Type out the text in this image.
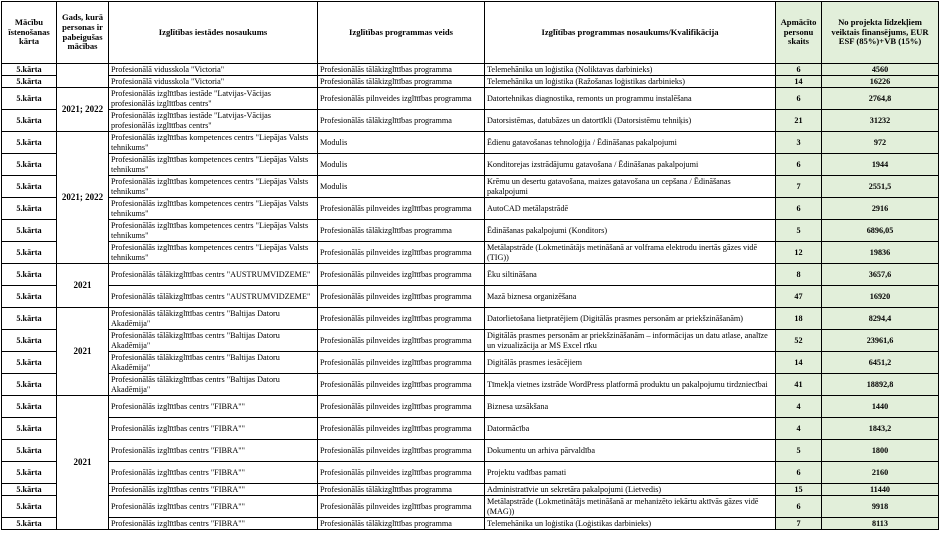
Mācību īstenošanas kārta	Gads, kurā personas ir pabeigušas mācības	Izglītības iestādes nosaukums	Izglītības programmas veids	Izglītības programmas nosaukums/Kvalifikācija	Apmācīto personu skaits	No projekta līdzekļiem veiktais finansējums, EUR ESF (85%)+VB (15%)
5.kārta		Profesionālā vidusskola "Victoria"	Profesionālās tālākizglītības programma	Telemehānika un loģistika (Noliktavas darbinieks)	6	4560
5.kārta		Profesionālā vidusskola "Victoria"	Profesionālās tālākizglītības programma	Telemehānika un loģistika (Ražošanas loģistikas darbinieks)	14	16226
5.kārta	2021; 2022	Profesionālās izglītības iestāde "Latvijas-Vācijas profesionālās izglītības centrs"	Profesionālās pilnveides izglītības programma	Datortehnikas diagnostika, remonts un programmu instalēšana	6	2764,8
5.kārta		Profesionālās izglītības iestāde "Latvijas-Vācijas profesionālās izglītības centrs"	Profesionālās tālākizglītības programma	Datorsistēmas, datubāzes un datortīkli (Datorsistēmu tehniķis)	21	31232
5.kārta	2021; 2022	Profesionālās izglītības kompetences centrs "Liepājas Valsts tehnikums"	Modulis	Ēdienu gatavošanas tehnoloģija / Ēdināšanas pakalpojumi	3	972
5.kārta		Profesionālās izglītības kompetences centrs "Liepājas Valsts tehnikums"	Modulis	Konditorejas izstrādājumu gatavošana / Ēdināšanas pakalpojumi	6	1944
5.kārta		Profesionālās izglītības kompetences centrs "Liepājas Valsts tehnikums"	Modulis	Krēmu un desertu gatavošana, maizes gatavošana un cepšana / Ēdināšanas pakalpojumi	7	2551,5
5.kārta		Profesionālās izglītības kompetences centrs "Liepājas Valsts tehnikums"	Profesionālās pilnveides izglītības programma	AutoCAD metālapstrādē	6	2916
5.kārta		Profesionālās izglītības kompetences centrs "Liepājas Valsts tehnikums"	Profesionālās tālākizglītības programma	Ēdināšanas pakalpojumi (Konditors)	5	6896,05
5.kārta		Profesionālās izglītības kompetences centrs "Liepājas Valsts tehnikums"	Profesionālās pilnveides izglītības programma	Metālapstrāde (Lokmetinātājs metināšanā ar volframa elektrodu inertās gāzes vidē (TIG))	12	19836
5.kārta	2021	Profesionālās tālākizglītības centrs "AUSTRUMVIDZEME"	Profesionālās pilnveides izglītības programma	Ēku siltināšana	8	3657,6
5.kārta		Profesionālās tālākizglītības centrs "AUSTRUMVIDZEME"	Profesionālās pilnveides izglītības programma	Mazā biznesa organizēšana	47	16920
5.kārta	2021	Profesionālās tālākizglītības centrs "Baltijas Datoru Akadēmija"	Profesionālās pilnveides izglītības programma	Datorlietošana lietpratējiem (Digitālās prasmes personām ar priekšzināšanām)	18	8294,4
5.kārta		Profesionālās tālākizglītības centrs "Baltijas Datoru Akadēmija"	Profesionālās pilnveides izglītības programma	Digitālās prasmes personām ar priekšzināšanām – informācijas un datu atlase, analīze un vizualizācija ar MS Excel rīku	52	23961,6
5.kārta		Profesionālās tālākizglītības centrs "Baltijas Datoru Akadēmija"	Profesionālās pilnveides izglītības programma	Digitālās prasmes iesācējiem	14	6451,2
5.kārta		Profesionālās tālākizglītības centrs "Baltijas Datoru Akadēmija"	Profesionālās pilnveides izglītības programma	Tīmekļa vietnes izstrāde WordPress platformā produktu un pakalpojumu tirdzniecībai	41	18892,8
5.kārta	2021	Profesionālās izglītības centrs "FIBRA""	Profesionālās pilnveides izglītības programma	Biznesa uzsākšana	4	1440
5.kārta		Profesionālās izglītības centrs "FIBRA""	Profesionālās pilnveides izglītības programma	Datormācība	4	1843,2
5.kārta		Profesionālās izglītības centrs "FIBRA""	Profesionālās pilnveides izglītības programma	Dokumentu un arhiva pārvaldība	5	1800
5.kārta		Profesionālās izglītības centrs "FIBRA""	Profesionālās pilnveides izglītības programma	Projektu vadības pamati	6	2160
5.kārta		Profesionālās izglītības centrs "FIBRA""	Profesionālās tālākizglītības programma	Administratīvie un sekretāra pakalpojumi (Lietvedis)	15	11440
5.kārta		Profesionālās izglītības centrs "FIBRA""	Profesionālās pilnveides izglītības programma	Metālapstrāde (Lokmetinātājs metināšanā ar mehanizēto iekārtu aktīvās gāzes vidē (MAG))	6	9918
5.kārta		Profesionālās izglītības centrs "FIBRA""	Profesionālās tālākizglītības programma	Telemehānika un loģistika (Loģistikas darbinieks)	7	8113
